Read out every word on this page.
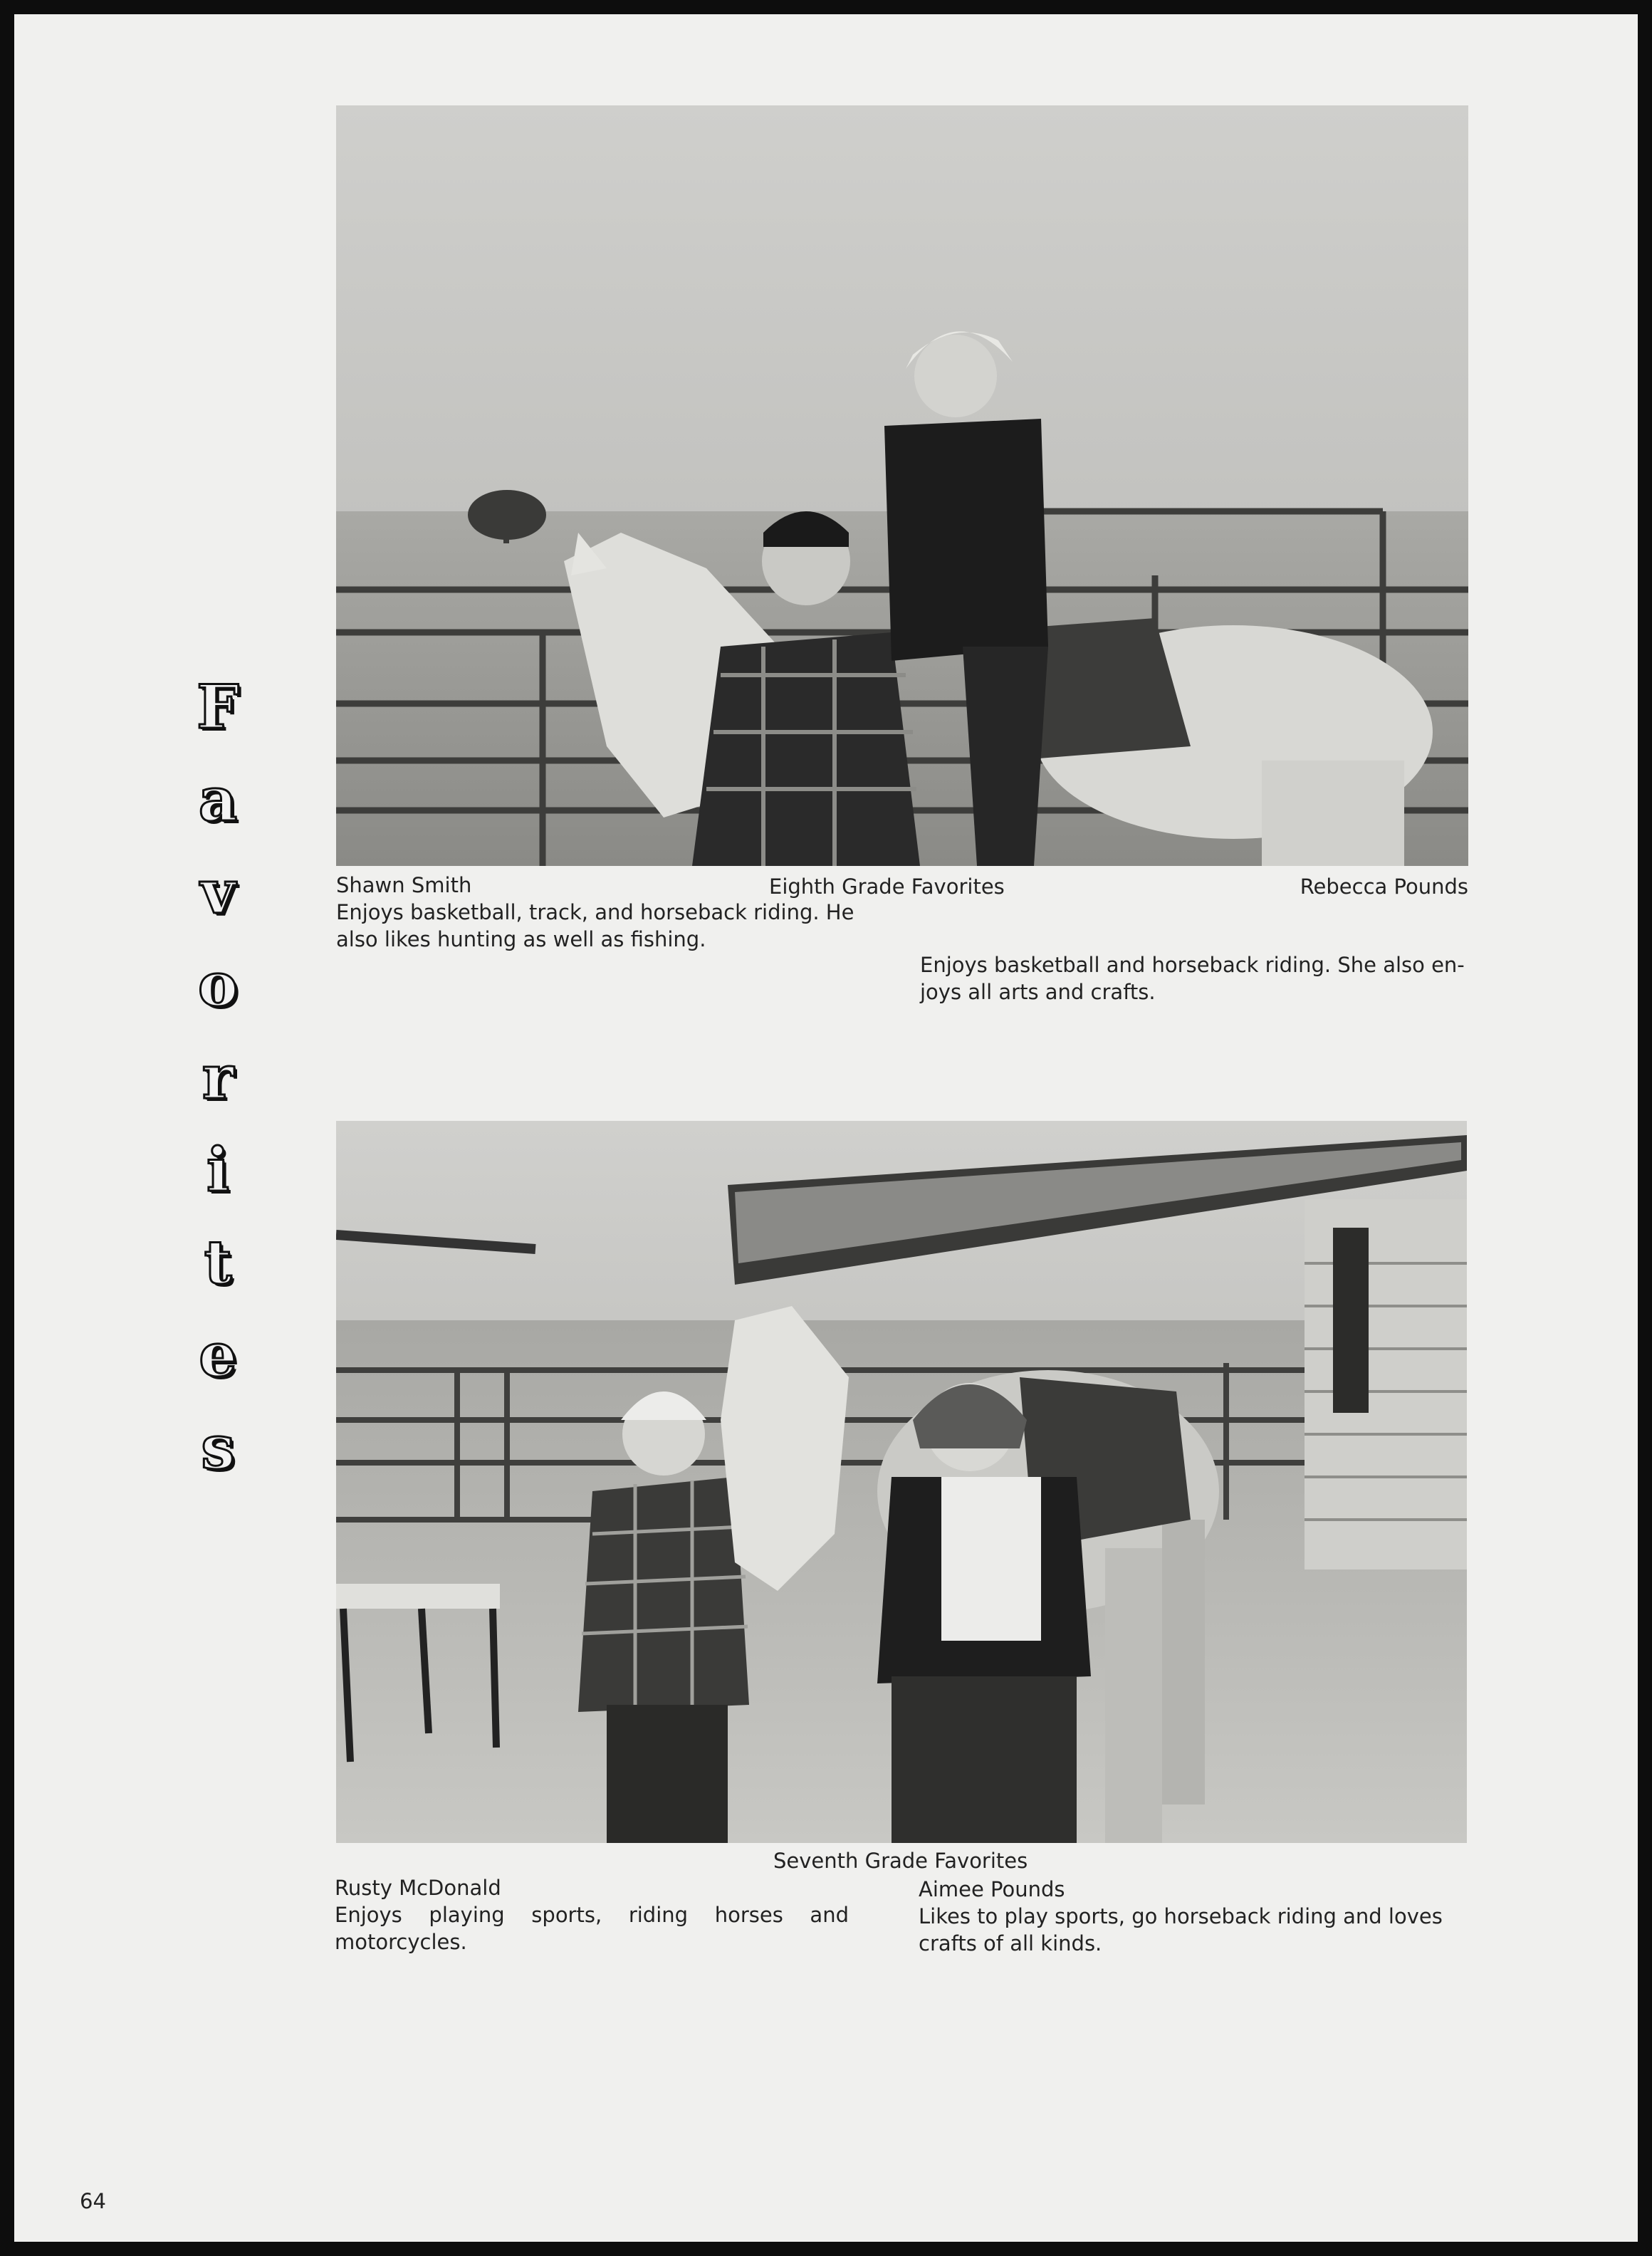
F
a
v
o
r
i
t
e
s
Shawn Smith	Eighth Grade Favorites	Rebecca Pounds
Enjoys basketball, track, and horseback riding. He
also likes hunting as well as fishing.
Enjoys basketball and horseback riding. She also en-
joys all arts and crafts.
Seventh Grade Favorites
Rusty McDonald	Aimee Pounds
Enjoys playing sports, riding horses and
motorcycles.
Likes to play sports, go horseback riding and loves
crafts of all kinds.
64
